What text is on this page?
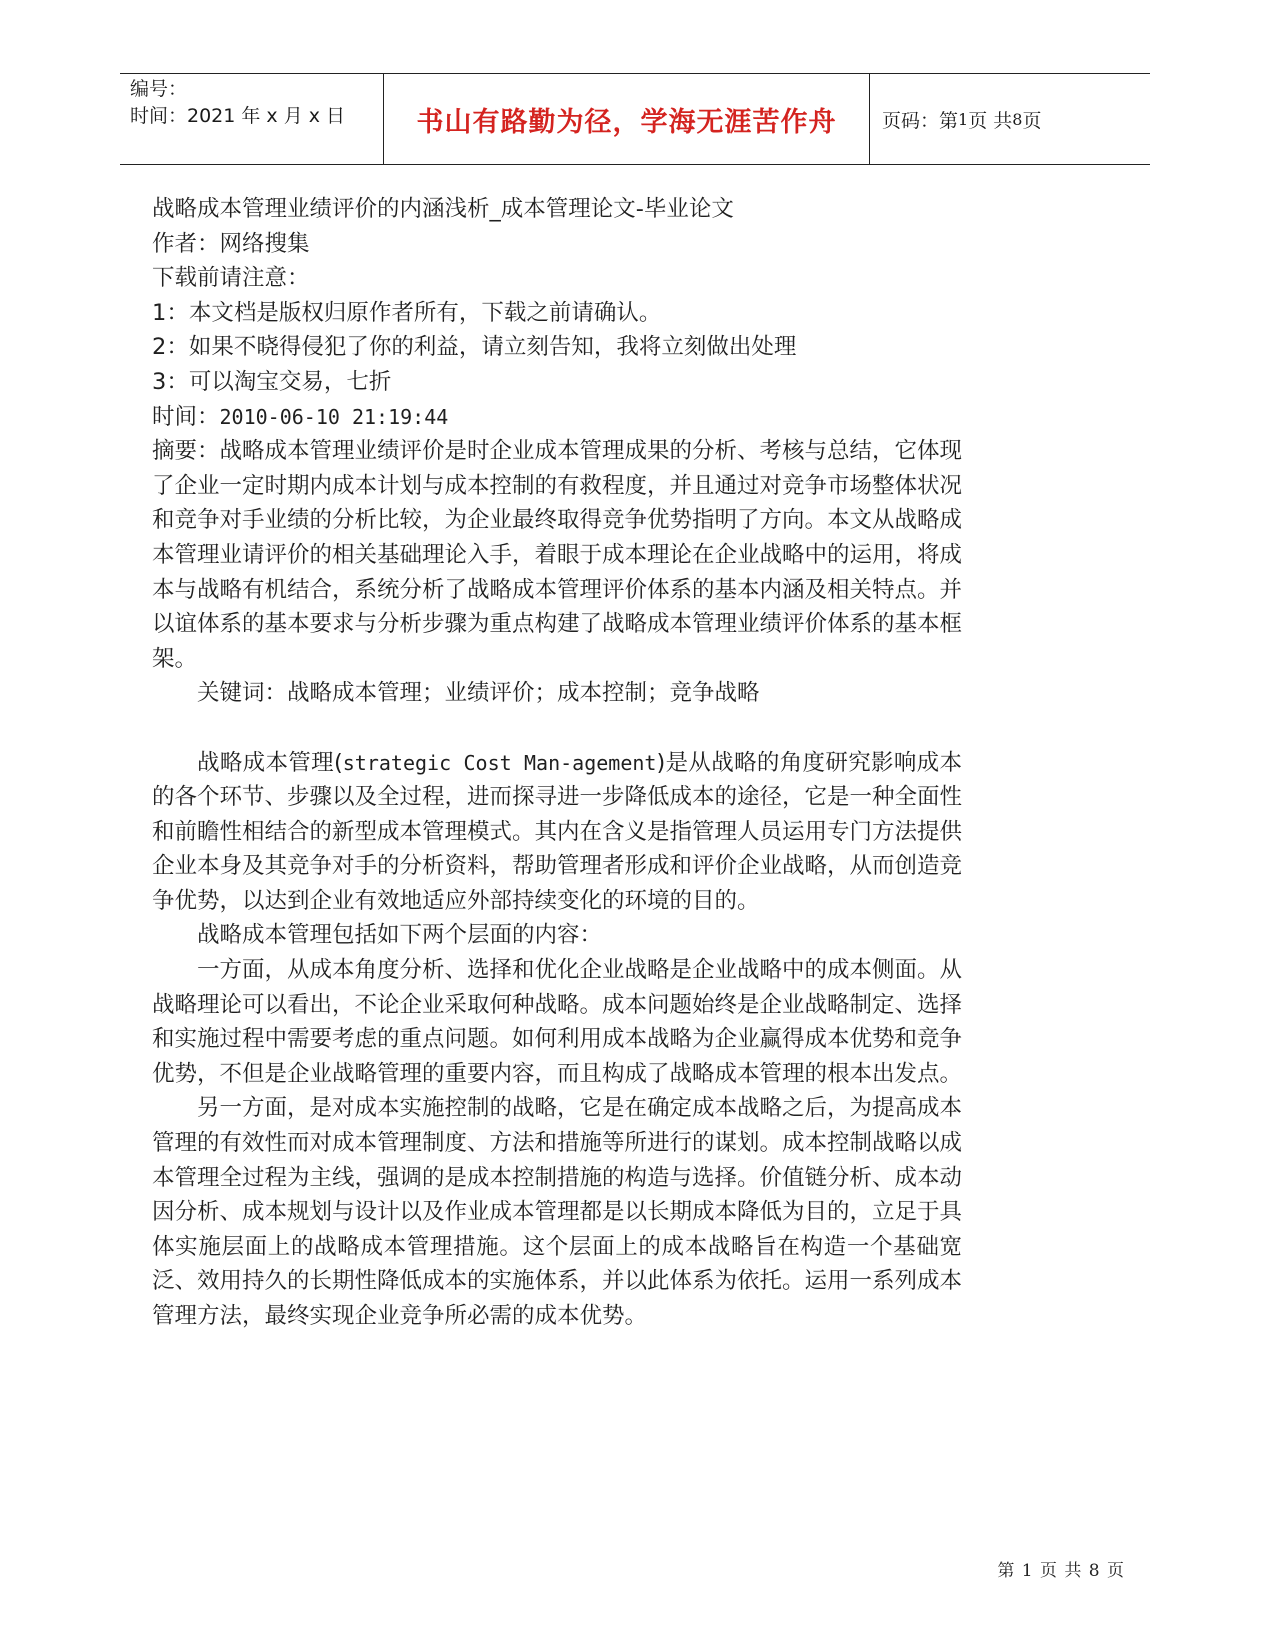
编号：
时间：2021 年 x 月 x 日	书山有路勤为径，学海无涯苦作舟	页码：第 1 页 共 8 页
战略成本管理业绩评价的内涵浅析_成本管理论文-毕业论文
作者：网络搜集
下载前请注意：
1：本文档是版权归原作者所有，下载之前请确认。
2：如果不晓得侵犯了你的利益，请立刻告知，我将立刻做出处理
3：可以淘宝交易，七折
时间：2010-06-10 21:19:44

摘要：战略成本管理业绩评价是时企业成本管理成果的分析、考核与总结，它体现了企业一定时期内成本计划与成本控制的有救程度，并且通过对竞争市场整体状况和竞争对手业绩的分析比较，为企业最终取得竞争优势指明了方向。本文从战略成本管理业请评价的相关基础理论入手，着眼于成本理论在企业战略中的运用，将成本与战略有机结合，系统分析了战略成本管理评价体系的基本内涵及相关特点。并以谊体系的基本要求与分析步骤为重点构建了战略成本管理业绩评价体系的基本框架。

关键词：战略成本管理；业绩评价；成本控制；竞争战略

战略成本管理(strategic Cost Man-agement)是从战略的角度研究影响成本的各个环节、步骤以及全过程，进而探寻进一步降低成本的途径，它是一种全面性和前瞻性相结合的新型成本管理模式。其内在含义是指管理人员运用专门方法提供企业本身及其竞争对手的分析资料，帮助管理者形成和评价企业战略，从而创造竞争优势，以达到企业有效地适应外部持续变化的环境的目的。

战略成本管理包括如下两个层面的内容：

一方面，从成本角度分析、选择和优化企业战略是企业战略中的成本侧面。从战略理论可以看出，不论企业采取何种战略。成本问题始终是企业战略制定、选择和实施过程中需要考虑的重点问题。如何利用成本战略为企业赢得成本优势和竞争优势，不但是企业战略管理的重要内容，而且构成了战略成本管理的根本出发点。

另一方面，是对成本实施控制的战略，它是在确定成本战略之后，为提高成本管理的有效性而对成本管理制度、方法和措施等所进行的谋划。成本控制战略以成本管理全过程为主线，强调的是成本控制措施的构造与选择。价值链分析、成本动因分析、成本规划与设计以及作业成本管理都是以长期成本降低为目的，立足于具体实施层面上的战略成本管理措施。这个层面上的成本战略旨在构造一个基础宽泛、效用持久的长期性降低成本的实施体系，并以此体系为依托。运用一系列成本管理方法，最终实现企业竞争所必需的成本优势。

第 1 页 共 8 页
